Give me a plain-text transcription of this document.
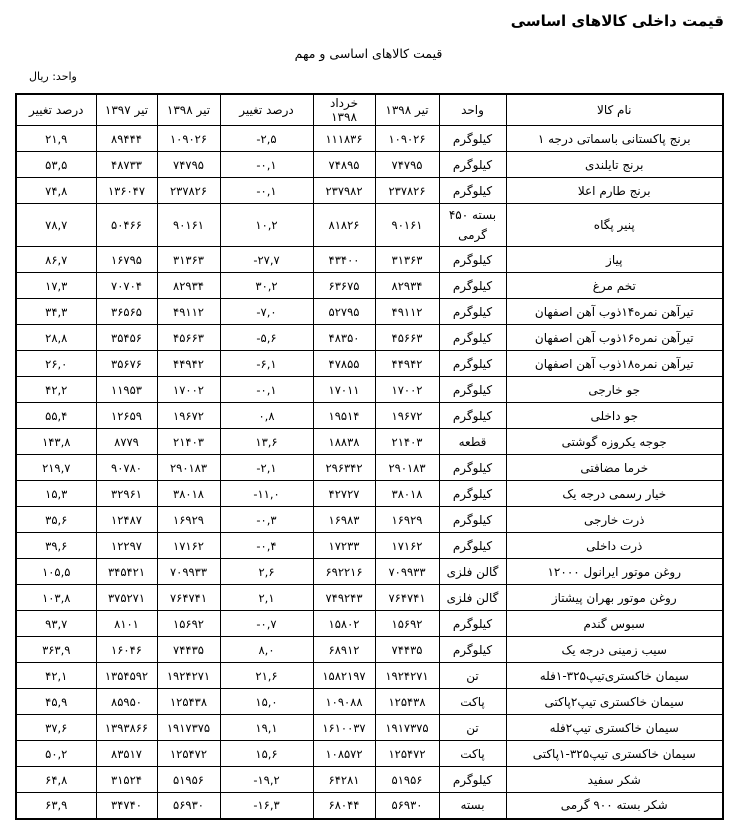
قیمت داخلی کالاهای اساسی
قیمت کالاهای اساسی و مهم
واحد: ریال
نام کالا	واحد	تیر ۱۳۹۸	خرداد ۱۳۹۸	درصد تغییر	تیر ۱۳۹۸	تیر ۱۳۹۷	درصد تغییر
برنج پاکستانی باسماتی درجه ۱	کیلوگرم	۱۰۹۰۲۶	۱۱۱۸۳۶	-۲,۵	۱۰۹۰۲۶	۸۹۴۴۴	۲۱,۹
برنج تایلندی	کیلوگرم	۷۴۷۹۵	۷۴۸۹۵	-۰,۱	۷۴۷۹۵	۴۸۷۳۳	۵۳,۵
برنج طارم اعلا	کیلوگرم	۲۳۷۸۲۶	۲۳۷۹۸۲	-۰,۱	۲۳۷۸۲۶	۱۳۶۰۴۷	۷۴,۸
پنیر پگاه	بسته ۴۵۰ گرمی	۹۰۱۶۱	۸۱۸۲۶	۱۰,۲	۹۰۱۶۱	۵۰۴۶۶	۷۸,۷
پیاز	کیلوگرم	۳۱۳۶۳	۴۳۴۰۰	-۲۷,۷	۳۱۳۶۳	۱۶۷۹۵	۸۶,۷
تخم مرغ	کیلوگرم	۸۲۹۳۴	۶۳۶۷۵	۳۰,۲	۸۲۹۳۴	۷۰۷۰۴	۱۷,۳
تیرآهن نمره۱۴ذوب آهن اصفهان	کیلوگرم	۴۹۱۱۲	۵۲۷۹۵	-۷,۰	۴۹۱۱۲	۳۶۵۶۵	۳۴,۳
تیرآهن نمره۱۶ذوب آهن اصفهان	کیلوگرم	۴۵۶۶۳	۴۸۳۵۰	-۵,۶	۴۵۶۶۳	۳۵۴۵۶	۲۸,۸
تیرآهن نمره۱۸ذوب آهن اصفهان	کیلوگرم	۴۴۹۴۲	۴۷۸۵۵	-۶,۱	۴۴۹۴۲	۳۵۶۷۶	۲۶,۰
جو خارجی	کیلوگرم	۱۷۰۰۲	۱۷۰۱۱	-۰,۱	۱۷۰۰۲	۱۱۹۵۳	۴۲,۲
جو داخلی	کیلوگرم	۱۹۶۷۲	۱۹۵۱۴	۰,۸	۱۹۶۷۲	۱۲۶۵۹	۵۵,۴
جوجه یکروزه گوشتی	قطعه	۲۱۴۰۳	۱۸۸۳۸	۱۳,۶	۲۱۴۰۳	۸۷۷۹	۱۴۳,۸
خرما مضافتی	کیلوگرم	۲۹۰۱۸۳	۲۹۶۳۴۲	-۲,۱	۲۹۰۱۸۳	۹۰۷۸۰	۲۱۹,۷
خیار رسمی درجه یک	کیلوگرم	۳۸۰۱۸	۴۲۷۲۷	-۱۱,۰	۳۸۰۱۸	۳۲۹۶۱	۱۵,۳
ذرت خارجی	کیلوگرم	۱۶۹۲۹	۱۶۹۸۳	-۰,۳	۱۶۹۲۹	۱۲۴۸۷	۳۵,۶
ذرت داخلی	کیلوگرم	۱۷۱۶۲	۱۷۲۳۳	-۰,۴	۱۷۱۶۲	۱۲۲۹۷	۳۹,۶
روغن موتور ایرانول ۱۲۰۰۰	گالن فلزی	۷۰۹۹۳۳	۶۹۲۲۱۶	۲,۶	۷۰۹۹۳۳	۳۴۵۴۲۱	۱۰۵,۵
روغن موتور بهران پیشتاز	گالن فلزی	۷۶۴۷۴۱	۷۴۹۲۴۳	۲,۱	۷۶۴۷۴۱	۳۷۵۲۷۱	۱۰۳,۸
سبوس گندم	کیلوگرم	۱۵۶۹۲	۱۵۸۰۲	-۰,۷	۱۵۶۹۲	۸۱۰۱	۹۳,۷
سیب زمینی درجه یک	کیلوگرم	۷۴۴۳۵	۶۸۹۱۲	۸,۰	۷۴۴۳۵	۱۶۰۴۶	۳۶۳,۹
سیمان خاکستری‌تیپ۳۲۵-۱فله	تن	۱۹۲۴۲۷۱	۱۵۸۲۱۹۷	۲۱,۶	۱۹۲۴۲۷۱	۱۳۵۴۵۹۲	۴۲,۱
سیمان خاکستری تیپ۲پاکتی	پاکت	۱۲۵۴۳۸	۱۰۹۰۸۸	۱۵,۰	۱۲۵۴۳۸	۸۵۹۵۰	۴۵,۹
سیمان خاکستری تیپ۲فله	تن	۱۹۱۷۳۷۵	۱۶۱۰۰۳۷	۱۹,۱	۱۹۱۷۳۷۵	۱۳۹۳۸۶۶	۳۷,۶
سیمان خاکستری تیپ۳۲۵-۱پاکتی	پاکت	۱۲۵۴۷۲	۱۰۸۵۷۲	۱۵,۶	۱۲۵۴۷۲	۸۳۵۱۷	۵۰,۲
شکر سفید	کیلوگرم	۵۱۹۵۶	۶۴۲۸۱	-۱۹,۲	۵۱۹۵۶	۳۱۵۲۴	۶۴,۸
شکر بسته ۹۰۰ گرمی	بسته	۵۶۹۳۰	۶۸۰۴۴	-۱۶,۳	۵۶۹۳۰	۳۴۷۴۰	۶۳,۹
